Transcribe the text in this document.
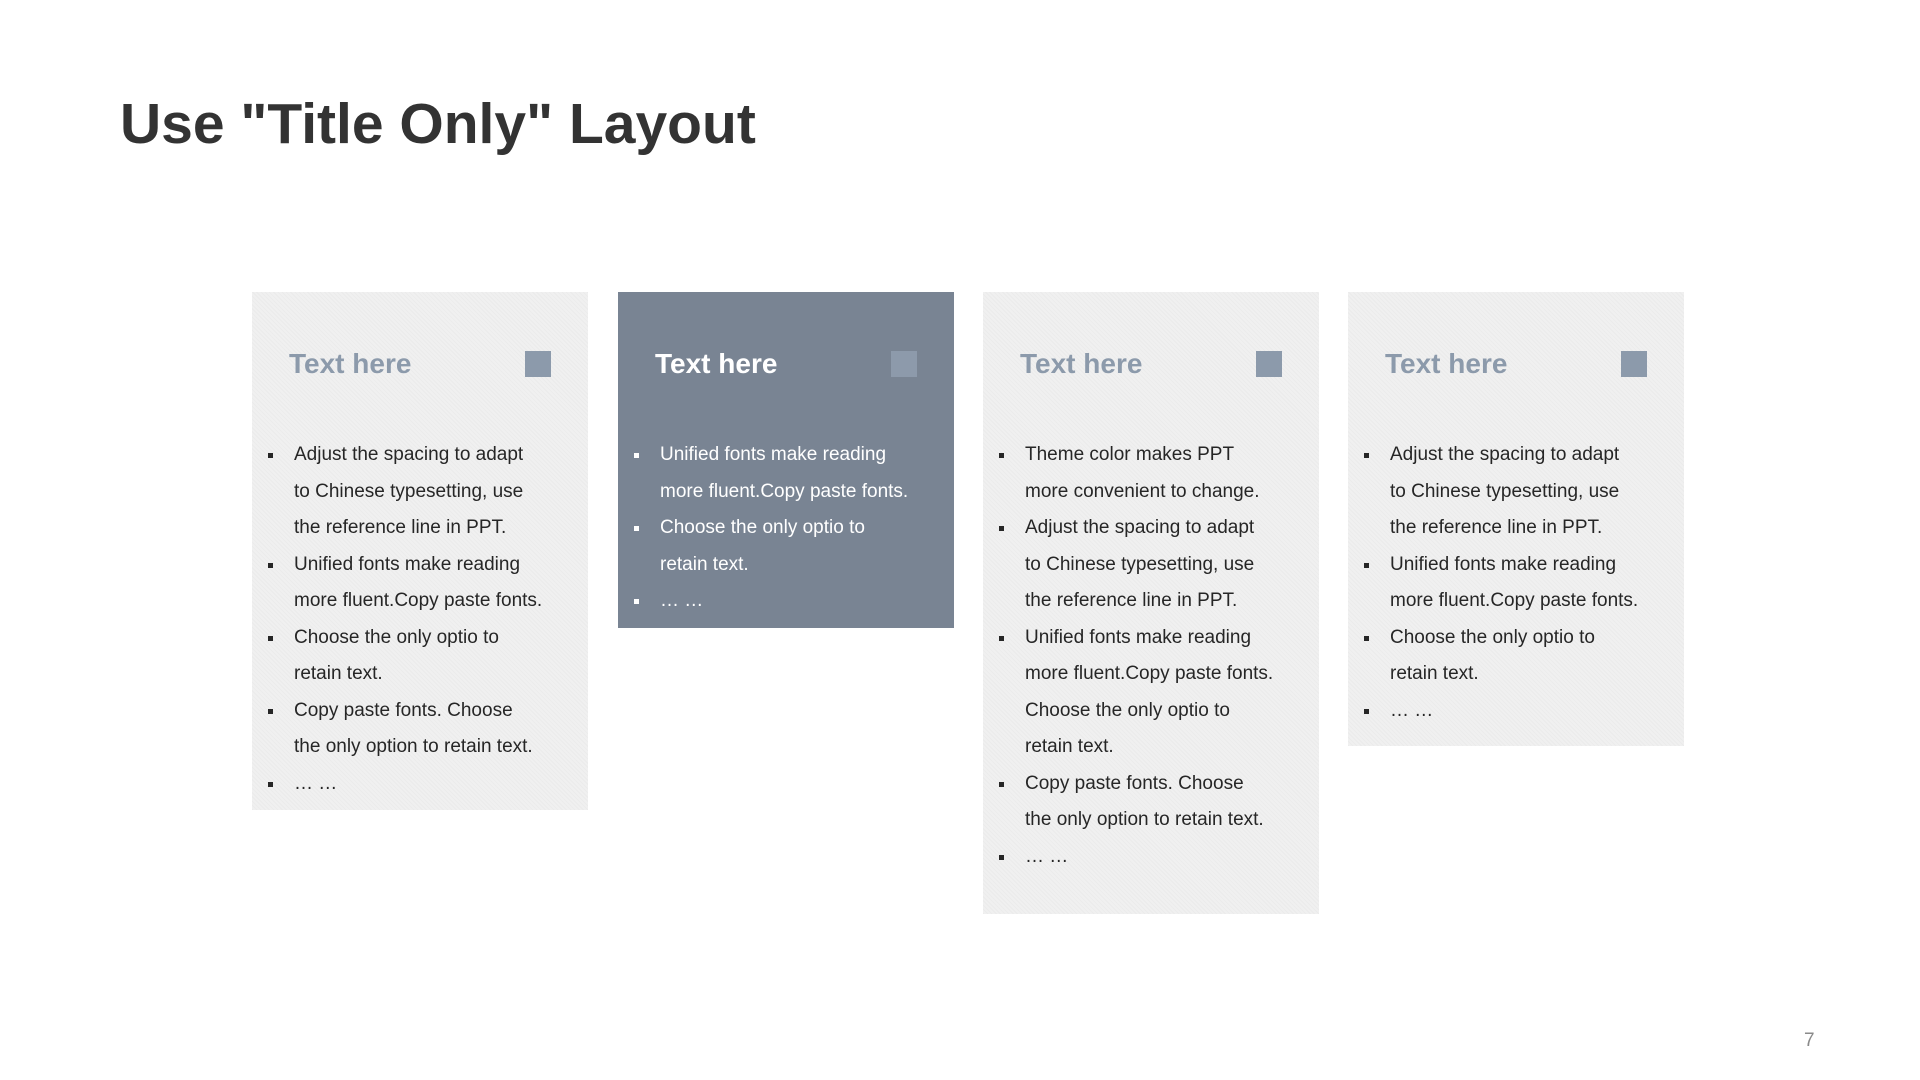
Use "Title Only" Layout
Text here
Adjust the spacing to adapt
to Chinese typesetting, use
the reference line in PPT.
Unified fonts make reading
more fluent.Copy paste fonts.
Choose the only optio to
retain text.
Copy paste fonts. Choose
the only option to retain text.
… …
Text here
Unified fonts make reading
more fluent.Copy paste fonts.
Choose the only optio to
retain text.
… …
Text here
Theme color makes PPT
more convenient to change.
Adjust the spacing to adapt
to Chinese typesetting, use
the reference line in PPT.
Unified fonts make reading
more fluent.Copy paste fonts.
Choose the only optio to
retain text.
Copy paste fonts. Choose
the only option to retain text.
… …
Text here
Adjust the spacing to adapt
to Chinese typesetting, use
the reference line in PPT.
Unified fonts make reading
more fluent.Copy paste fonts.
Choose the only optio to
retain text.
… …
7
